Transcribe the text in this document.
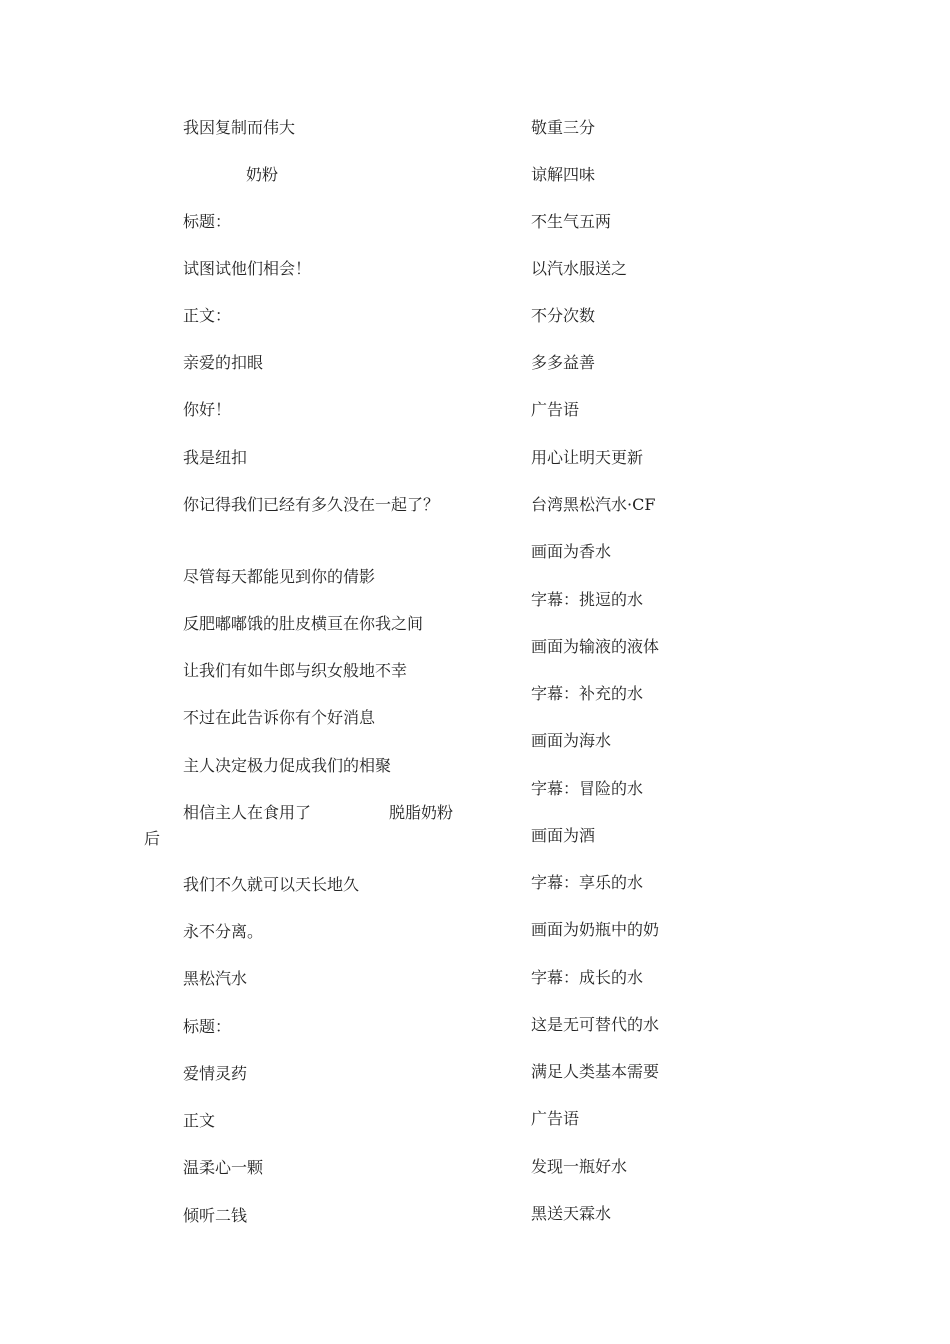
我因复制而伟大

奶粉

标题：

试图试他们相会！

正文：

亲爱的扣眼

你好！

我是纽扣

你记得我们已经有多久没在一起了？

尽管每天都能见到你的倩影

反肥嘟嘟饿的肚皮横亘在你我之间

让我们有如牛郎与织女般地不幸

不过在此告诉你有个好消息

主人决定极力促成我们的相聚

相信主人在食用了	脱脂奶粉

后

我们不久就可以天长地久

永不分离。

黑松汽水

标题：

爱情灵药

正文

温柔心一颗

倾听二钱

敬重三分

谅解四味

不生气五两

以汽水服送之

不分次数

多多益善

广告语

用心让明天更新

台湾黑松汽水·CF

画面为香水

字幕：挑逗的水

画面为输液的液体

字幕：补充的水

画面为海水

字幕：冒险的水

画面为酒

字幕：享乐的水

画面为奶瓶中的奶

字幕：成长的水

这是无可替代的水

满足人类基本需要

广告语

发现一瓶好水

黑送天霖水
